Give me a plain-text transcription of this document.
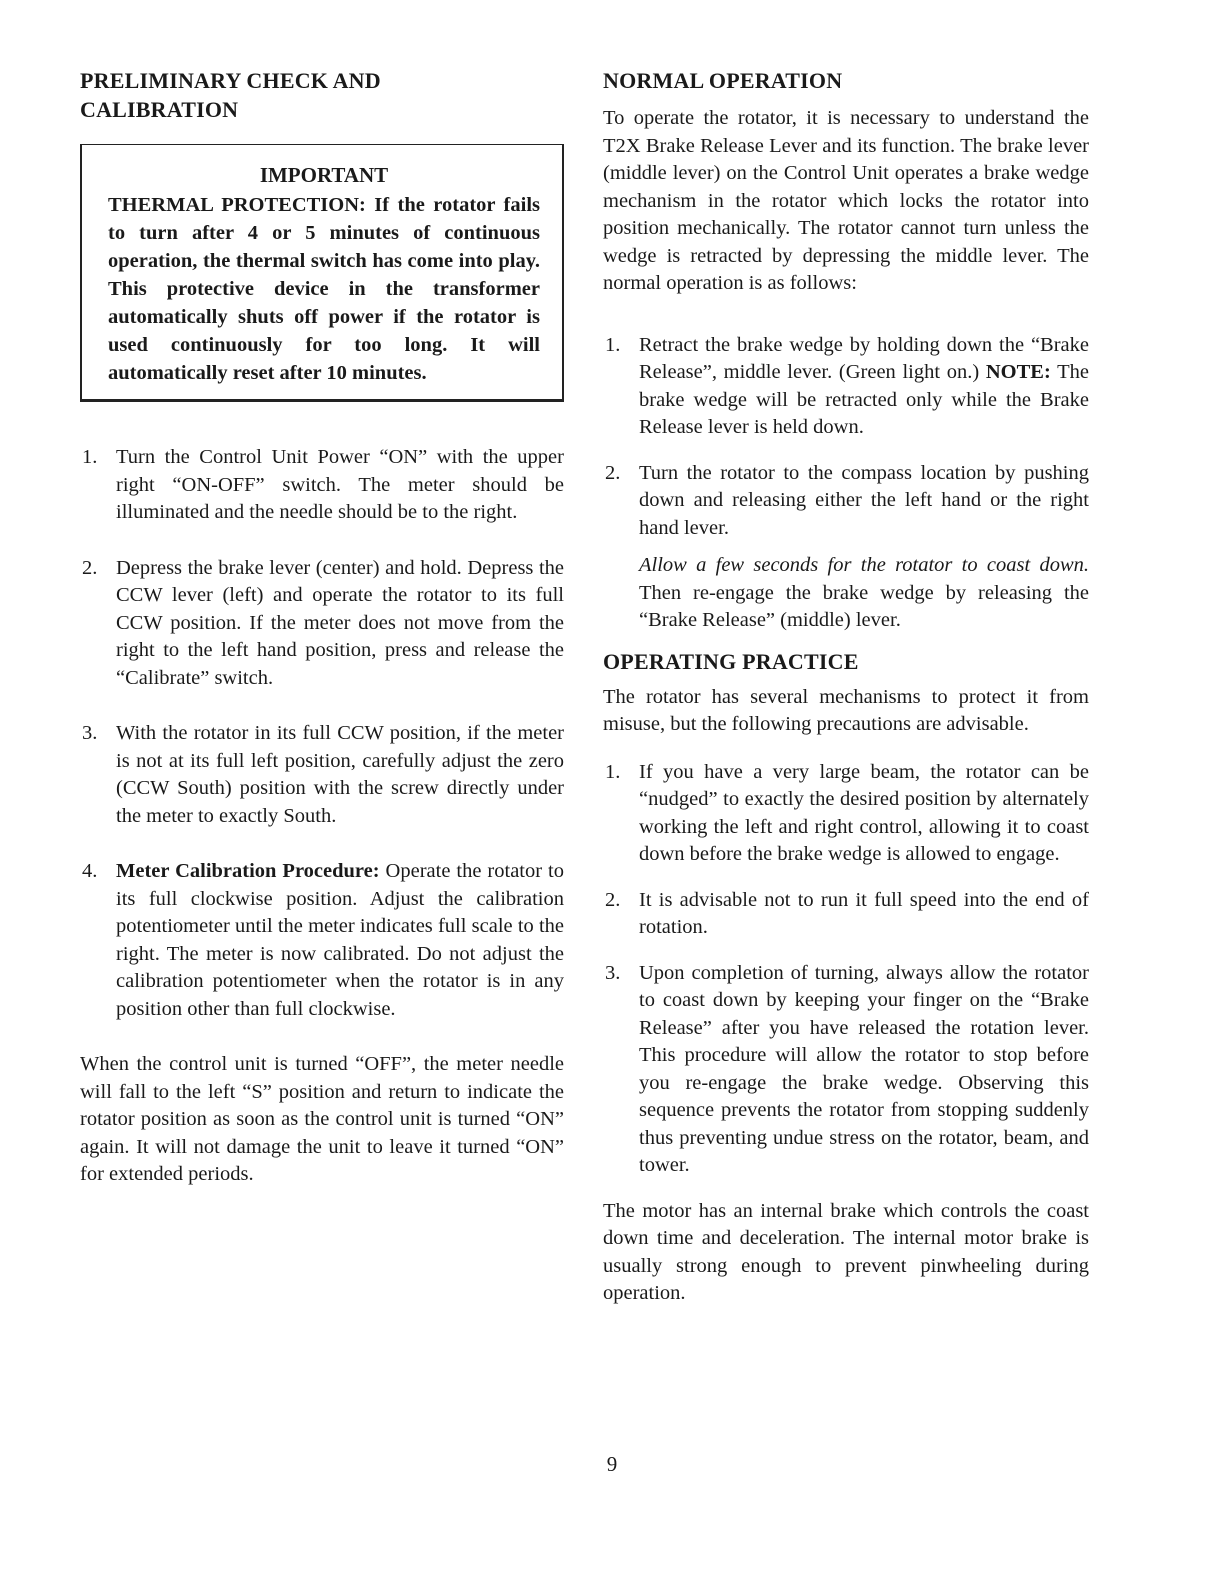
PRELIMINARY CHECK AND
CALIBRATION

IMPORTANT

THERMAL PROTECTION: If the rotator fails to turn after 4 or 5 minutes of continuous operation, the thermal switch has come into play. This protective device in the transformer automatically shuts off power if the rotator is used continuously for too long. It will automatically reset after 10 minutes.

1. Turn the Control Unit Power “ON” with the upper right “ON-OFF” switch. The meter should be illuminated and the needle should be to the right.
2. Depress the brake lever (center) and hold. Depress the CCW lever (left) and operate the rotator to its full CCW position. If the meter does not move from the right to the left hand position, press and release the “Calibrate” switch.
3. With the rotator in its full CCW position, if the meter is not at its full left position, carefully adjust the zero (CCW South) position with the screw directly under the meter to exactly South.
4. Meter Calibration Procedure: Operate the rotator to its full clockwise position. Adjust the calibration potentiometer until the meter indicates full scale to the right. The meter is now calibrated. Do not adjust the calibration potentiometer when the rotator is in any position other than full clockwise.

When the control unit is turned “OFF”, the meter needle will fall to the left “S” position and return to indicate the rotator position as soon as the control unit is turned “ON” again. It will not damage the unit to leave it turned “ON” for extended periods.

NORMAL OPERATION

To operate the rotator, it is necessary to understand the T2X Brake Release Lever and its function. The brake lever (middle lever) on the Control Unit operates a brake wedge mechanism in the rotator which locks the rotator into position mechanically. The rotator cannot turn unless the wedge is retracted by depressing the middle lever. The normal operation is as follows:

1. Retract the brake wedge by holding down the “Brake Release”, middle lever. (Green light on.) NOTE: The brake wedge will be retracted only while the Brake Release lever is held down.
2. Turn the rotator to the compass location by pushing down and releasing either the left hand or the right hand lever.

Allow a few seconds for the rotator to coast down. Then re-engage the brake wedge by releasing the “Brake Release” (middle) lever.

OPERATING PRACTICE

The rotator has several mechanisms to protect it from misuse, but the following precautions are advisable.

1. If you have a very large beam, the rotator can be “nudged” to exactly the desired position by alternately working the left and right control, allowing it to coast down before the brake wedge is allowed to engage.
2. It is advisable not to run it full speed into the end of rotation.
3. Upon completion of turning, always allow the rotator to coast down by keeping your finger on the “Brake Release” after you have released the rotation lever. This procedure will allow the rotator to stop before you re-engage the brake wedge. Observing this sequence prevents the rotator from stopping suddenly thus preventing undue stress on the rotator, beam, and tower.

The motor has an internal brake which controls the coast down time and deceleration. The internal motor brake is usually strong enough to prevent pinwheeling during operation.

9
